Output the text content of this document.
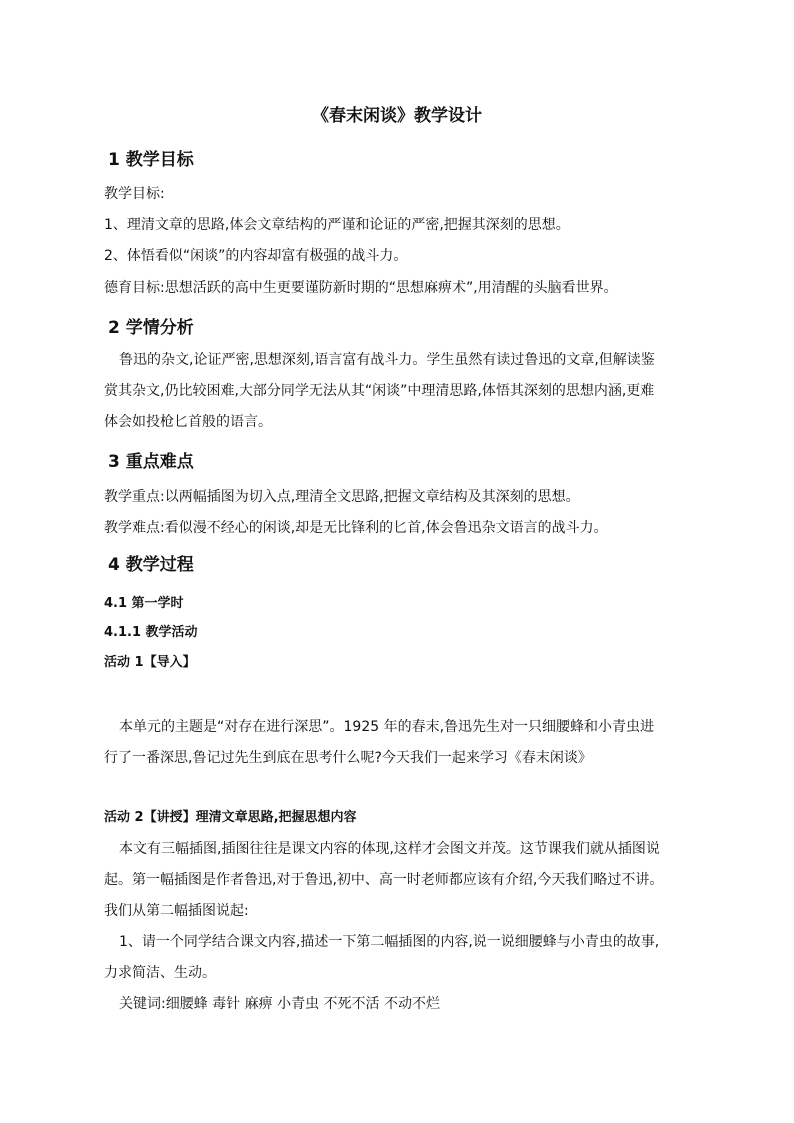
《春末闲谈》教学设计
1 教学目标
教学目标:
1、理清文章的思路,体会文章结构的严谨和论证的严密,把握其深刻的思想。
2、体悟看似“闲谈”的内容却富有极强的战斗力。
德育目标:思想活跃的高中生更要谨防新时期的“思想麻痹术”,用清醒的头脑看世界。
2 学情分析
鲁迅的杂文,论证严密,思想深刻,语言富有战斗力。学生虽然有读过鲁迅的文章,但解读鉴
赏其杂文,仍比较困难,大部分同学无法从其“闲谈”中理清思路,体悟其深刻的思想内涵,更难
体会如投枪匕首般的语言。
3 重点难点
教学重点:以两幅插图为切入点,理清全文思路,把握文章结构及其深刻的思想。
教学难点:看似漫不经心的闲谈,却是无比锋利的匕首,体会鲁迅杂文语言的战斗力。
4 教学过程
4.1 第一学时
4.1.1 教学活动
活动 1【导入】
本单元的主题是“对存在进行深思”。1925 年的春末,鲁迅先生对一只细腰蜂和小青虫进
行了一番深思,鲁记过先生到底在思考什么呢?今天我们一起来学习《春末闲谈》
活动 2【讲授】理清文章思路,把握思想内容
本文有三幅插图,插图往往是课文内容的体现,这样才会图文并茂。这节课我们就从插图说
起。第一幅插图是作者鲁迅,对于鲁迅,初中、高一时老师都应该有介绍,今天我们略过不讲。
我们从第二幅插图说起:
1、请一个同学结合课文内容,描述一下第二幅插图的内容,说一说细腰蜂与小青虫的故事,
力求简洁、生动。
关键词:细腰蜂 毒针 麻痹 小青虫 不死不活 不动不烂
